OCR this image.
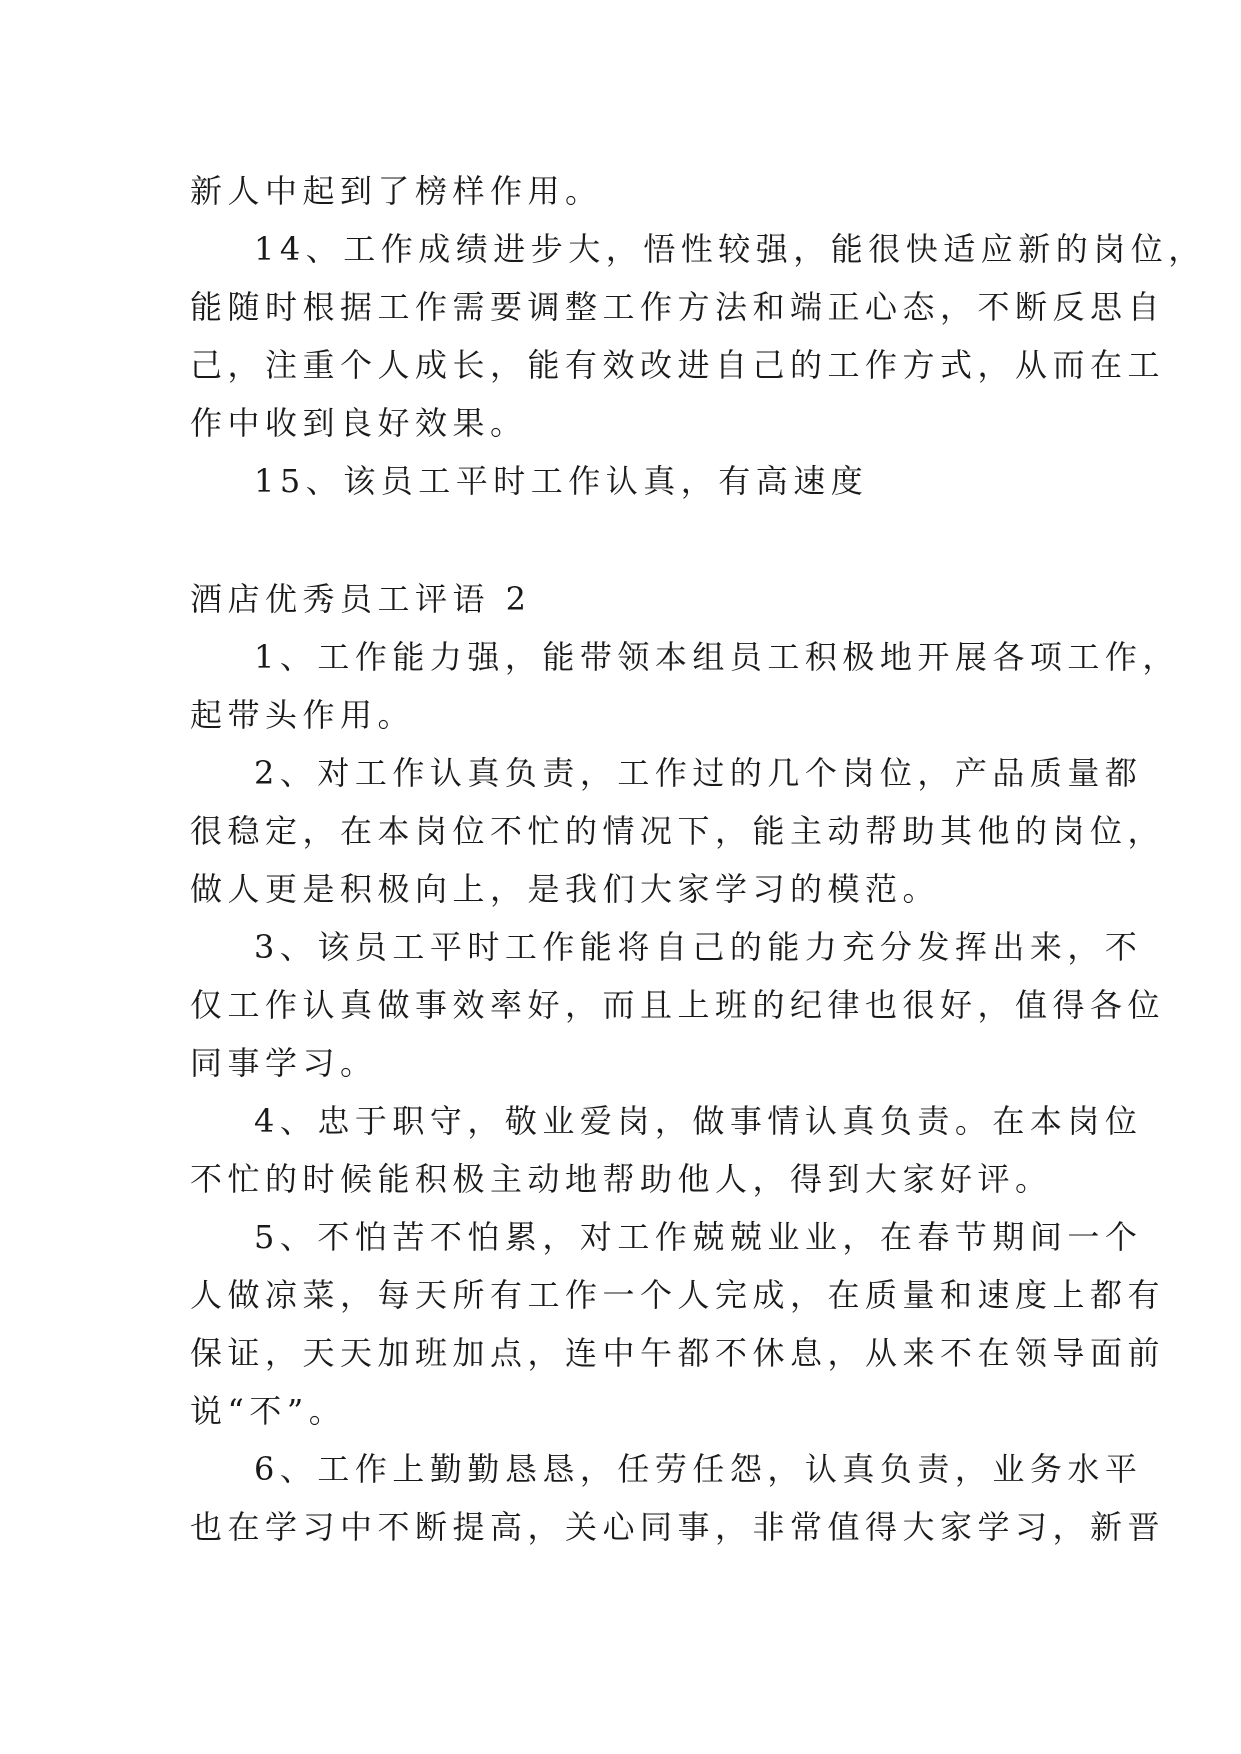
新人中起到了榜样作用。
14、工作成绩进步大，悟性较强，能很快适应新的岗位，
能随时根据工作需要调整工作方法和端正心态，不断反思自
己，注重个人成长，能有效改进自己的工作方式，从而在工
作中收到良好效果。
15、该员工平时工作认真，有高速度
酒店优秀员工评语 2
1、工作能力强，能带领本组员工积极地开展各项工作，
起带头作用。
2、对工作认真负责，工作过的几个岗位，产品质量都
很稳定，在本岗位不忙的情况下，能主动帮助其他的岗位，
做人更是积极向上，是我们大家学习的模范。
3、该员工平时工作能将自己的能力充分发挥出来，不
仅工作认真做事效率好，而且上班的纪律也很好，值得各位
同事学习。
4、忠于职守，敬业爱岗，做事情认真负责。在本岗位
不忙的时候能积极主动地帮助他人，得到大家好评。
5、不怕苦不怕累，对工作兢兢业业，在春节期间一个
人做凉菜，每天所有工作一个人完成，在质量和速度上都有
保证，天天加班加点，连中午都不休息，从来不在领导面前
说“不”。
6、工作上勤勤恳恳，任劳任怨，认真负责，业务水平
也在学习中不断提高，关心同事，非常值得大家学习，新晋
